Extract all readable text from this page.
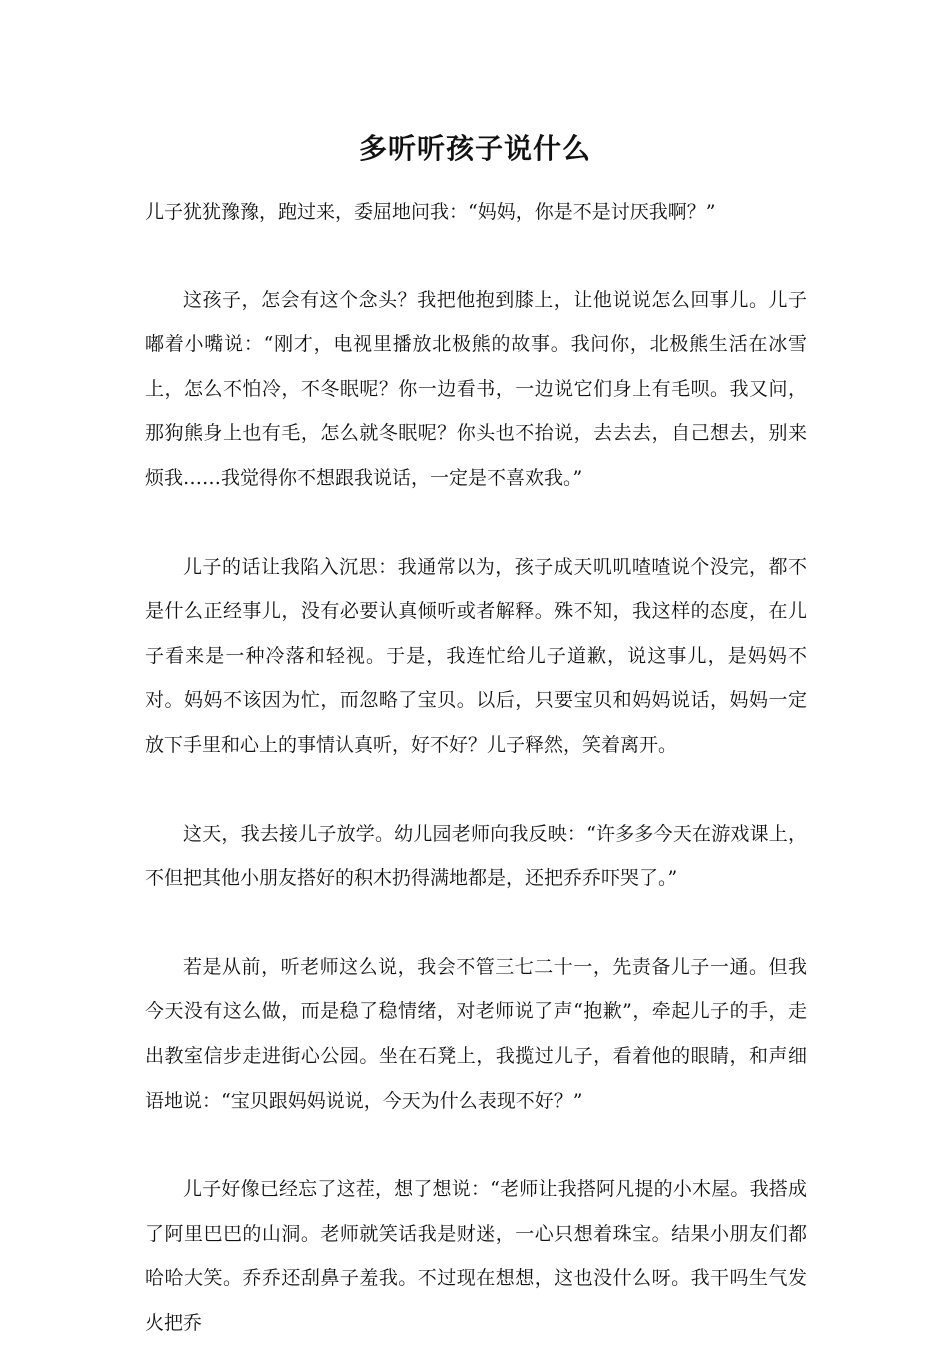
多听听孩子说什么

儿子犹犹豫豫，跑过来，委屈地问我：“妈妈，你是不是讨厌我啊？”

这孩子，怎会有这个念头？我把他抱到膝上，让他说说怎么回事儿。儿子嘟着小嘴说：“刚才，电视里播放北极熊的故事。我问你，北极熊生活在冰雪上，怎么不怕冷，不冬眠呢？你一边看书，一边说它们身上有毛呗。我又问，那狗熊身上也有毛，怎么就冬眠呢？你头也不抬说，去去去，自己想去，别来烦我……我觉得你不想跟我说话，一定是不喜欢我。”

儿子的话让我陷入沉思：我通常以为，孩子成天叽叽喳喳说个没完，都不是什么正经事儿，没有必要认真倾听或者解释。殊不知，我这样的态度，在儿子看来是一种冷落和轻视。于是，我连忙给儿子道歉，说这事儿，是妈妈不对。妈妈不该因为忙，而忽略了宝贝。以后，只要宝贝和妈妈说话，妈妈一定放下手里和心上的事情认真听，好不好？儿子释然，笑着离开。

这天，我去接儿子放学。幼儿园老师向我反映：“许多多今天在游戏课上，不但把其他小朋友搭好的积木扔得满地都是，还把乔乔吓哭了。”

若是从前，听老师这么说，我会不管三七二十一，先责备儿子一通。但我今天没有这么做，而是稳了稳情绪，对老师说了声“抱歉”，牵起儿子的手，走出教室信步走进街心公园。坐在石凳上，我揽过儿子，看着他的眼睛，和声细语地说：“宝贝跟妈妈说说，今天为什么表现不好？”

儿子好像已经忘了这茬，想了想说：“老师让我搭阿凡提的小木屋。我搭成了阿里巴巴的山洞。老师就笑话我是财迷，一心只想着珠宝。结果小朋友们都哈哈大笑。乔乔还刮鼻子羞我。不过现在想想，这也没什么呀。我干吗生气发火把乔
